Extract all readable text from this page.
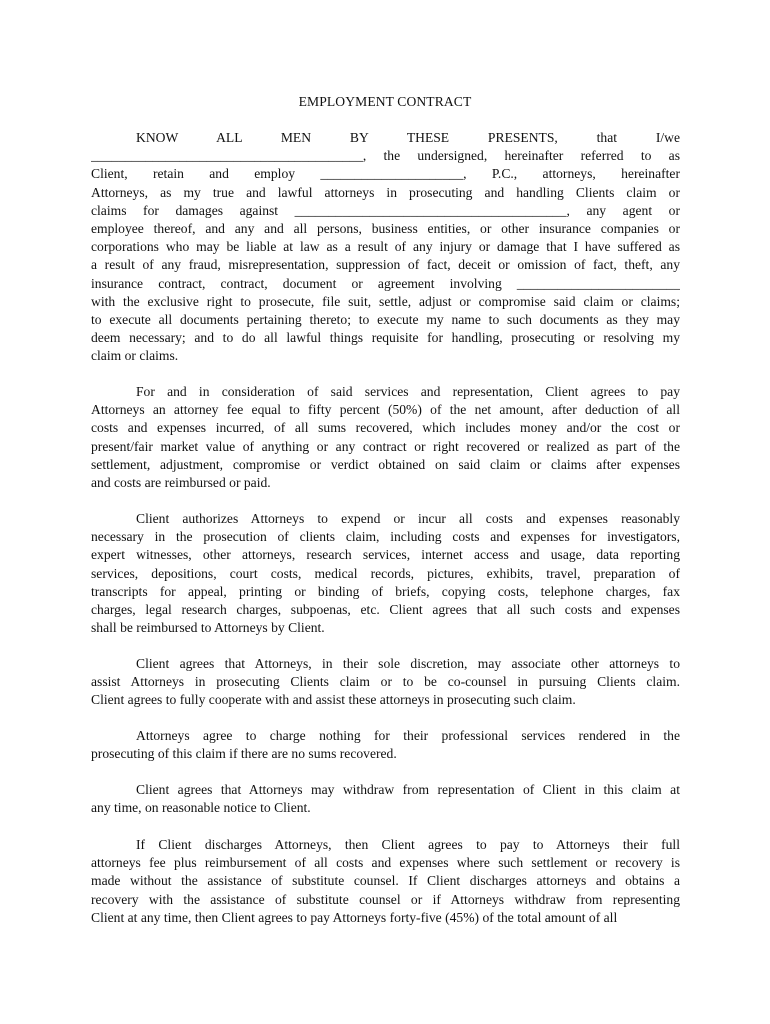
EMPLOYMENT CONTRACT
KNOW ALL MEN BY THESE PRESENTS, that I/we
________________________________________, the undersigned, hereinafter referred to as
Client, retain and employ _____________________, P.C., attorneys, hereinafter
Attorneys, as my true and lawful attorneys in prosecuting and handling Clients claim or
claims for damages against ________________________________________, any agent or
employee thereof, and any and all persons, business entities, or other insurance companies or
corporations who may be liable at law as a result of any injury or damage that I have suffered as
a result of any fraud, misrepresentation, suppression of fact, deceit or omission of fact, theft, any
insurance contract, contract, document or agreement involving ________________________
with the exclusive right to prosecute, file suit, settle, adjust or compromise said claim or claims;
to execute all documents pertaining thereto; to execute my name to such documents as they may
deem necessary; and to do all lawful things requisite for handling, prosecuting or resolving my
claim or claims.
For and in consideration of said services and representation, Client agrees to pay
Attorneys an attorney fee equal to fifty percent (50%) of the net amount, after deduction of all
costs and expenses incurred, of all sums recovered, which includes money and/or the cost or
present/fair market value of anything or any contract or right recovered or realized as part of the
settlement, adjustment, compromise or verdict obtained on said claim or claims after expenses
and costs are reimbursed or paid.
Client authorizes Attorneys to expend or incur all costs and expenses reasonably
necessary in the prosecution of clients claim, including costs and expenses for investigators,
expert witnesses, other attorneys, research services, internet access and usage, data reporting
services, depositions, court costs, medical records, pictures, exhibits, travel, preparation of
transcripts for appeal, printing or binding of briefs, copying costs, telephone charges, fax
charges, legal research charges, subpoenas, etc. Client agrees that all such costs and expenses
shall be reimbursed to Attorneys by Client.
Client agrees that Attorneys, in their sole discretion, may associate other attorneys to
assist Attorneys in prosecuting Clients claim or to be co-counsel in pursuing Clients claim.
Client agrees to fully cooperate with and assist these attorneys in prosecuting such claim.
Attorneys agree to charge nothing for their professional services rendered in the
prosecuting of this claim if there are no sums recovered.
Client agrees that Attorneys may withdraw from representation of Client in this claim at
any time, on reasonable notice to Client.
If Client discharges Attorneys, then Client agrees to pay to Attorneys their full
attorneys fee plus reimbursement of all costs and expenses where such settlement or recovery is
made without the assistance of substitute counsel. If Client discharges attorneys and obtains a
recovery with the assistance of substitute counsel or if Attorneys withdraw from representing
Client at any time, then Client agrees to pay Attorneys forty-five (45%) of the total amount of all
